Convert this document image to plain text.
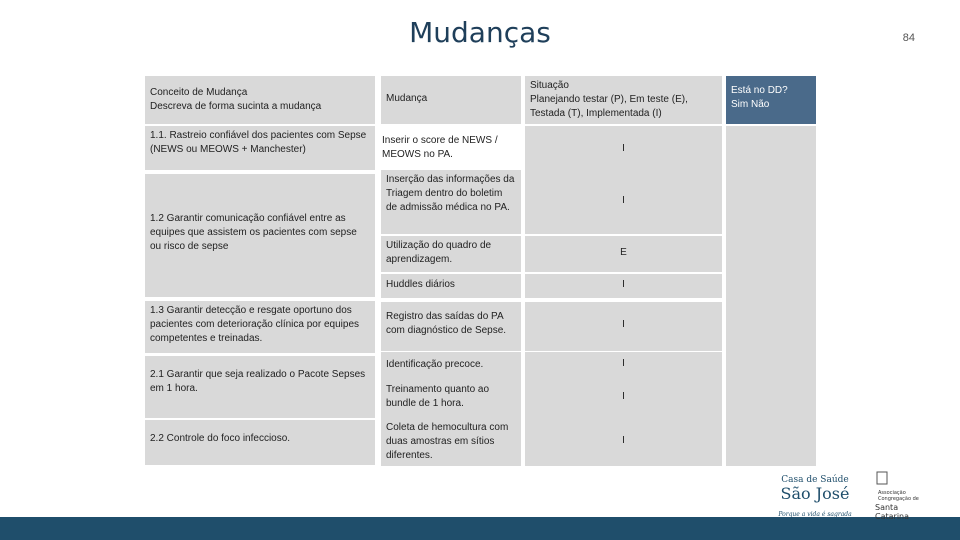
Mudanças	84
Conceito de Mudança
Descreva de forma sucinta a mudança
Mudança
Situação
Planejando testar (P), Em teste (E), Testada (T), Implementada (I)
Está no DD?
Sim Não
1.1. Rastreio confiável dos pacientes com Sepse (NEWS ou MEOWS + Manchester)
1.2 Garantir comunicação confiável entre as equipes que assistem os pacientes com sepse ou risco de sepse
1.3 Garantir detecção e resgate oportuno dos pacientes com deterioração clínica por equipes competentes e treinadas.
2.1 Garantir que seja realizado o Pacote Sepses em 1 hora.
2.2 Controle do foco infeccioso.
Inserir o score de NEWS / MEOWS no PA.
Inserção das informações da Triagem dentro do boletim de admissão médica no PA.
Utilização do quadro de aprendizagem.
Huddles diários
Registro das saídas do PA com diagnóstico de Sepse.
Identificação precoce.
Treinamento quanto ao bundle de 1 hora.
Coleta de hemocultura com duas amostras em sítios diferentes.
I
I
E
I
I
I
I
I
Casa de Saúde
São José
Porque a vida é sagrada
Associação
Congregação de
Santa
Catarina
